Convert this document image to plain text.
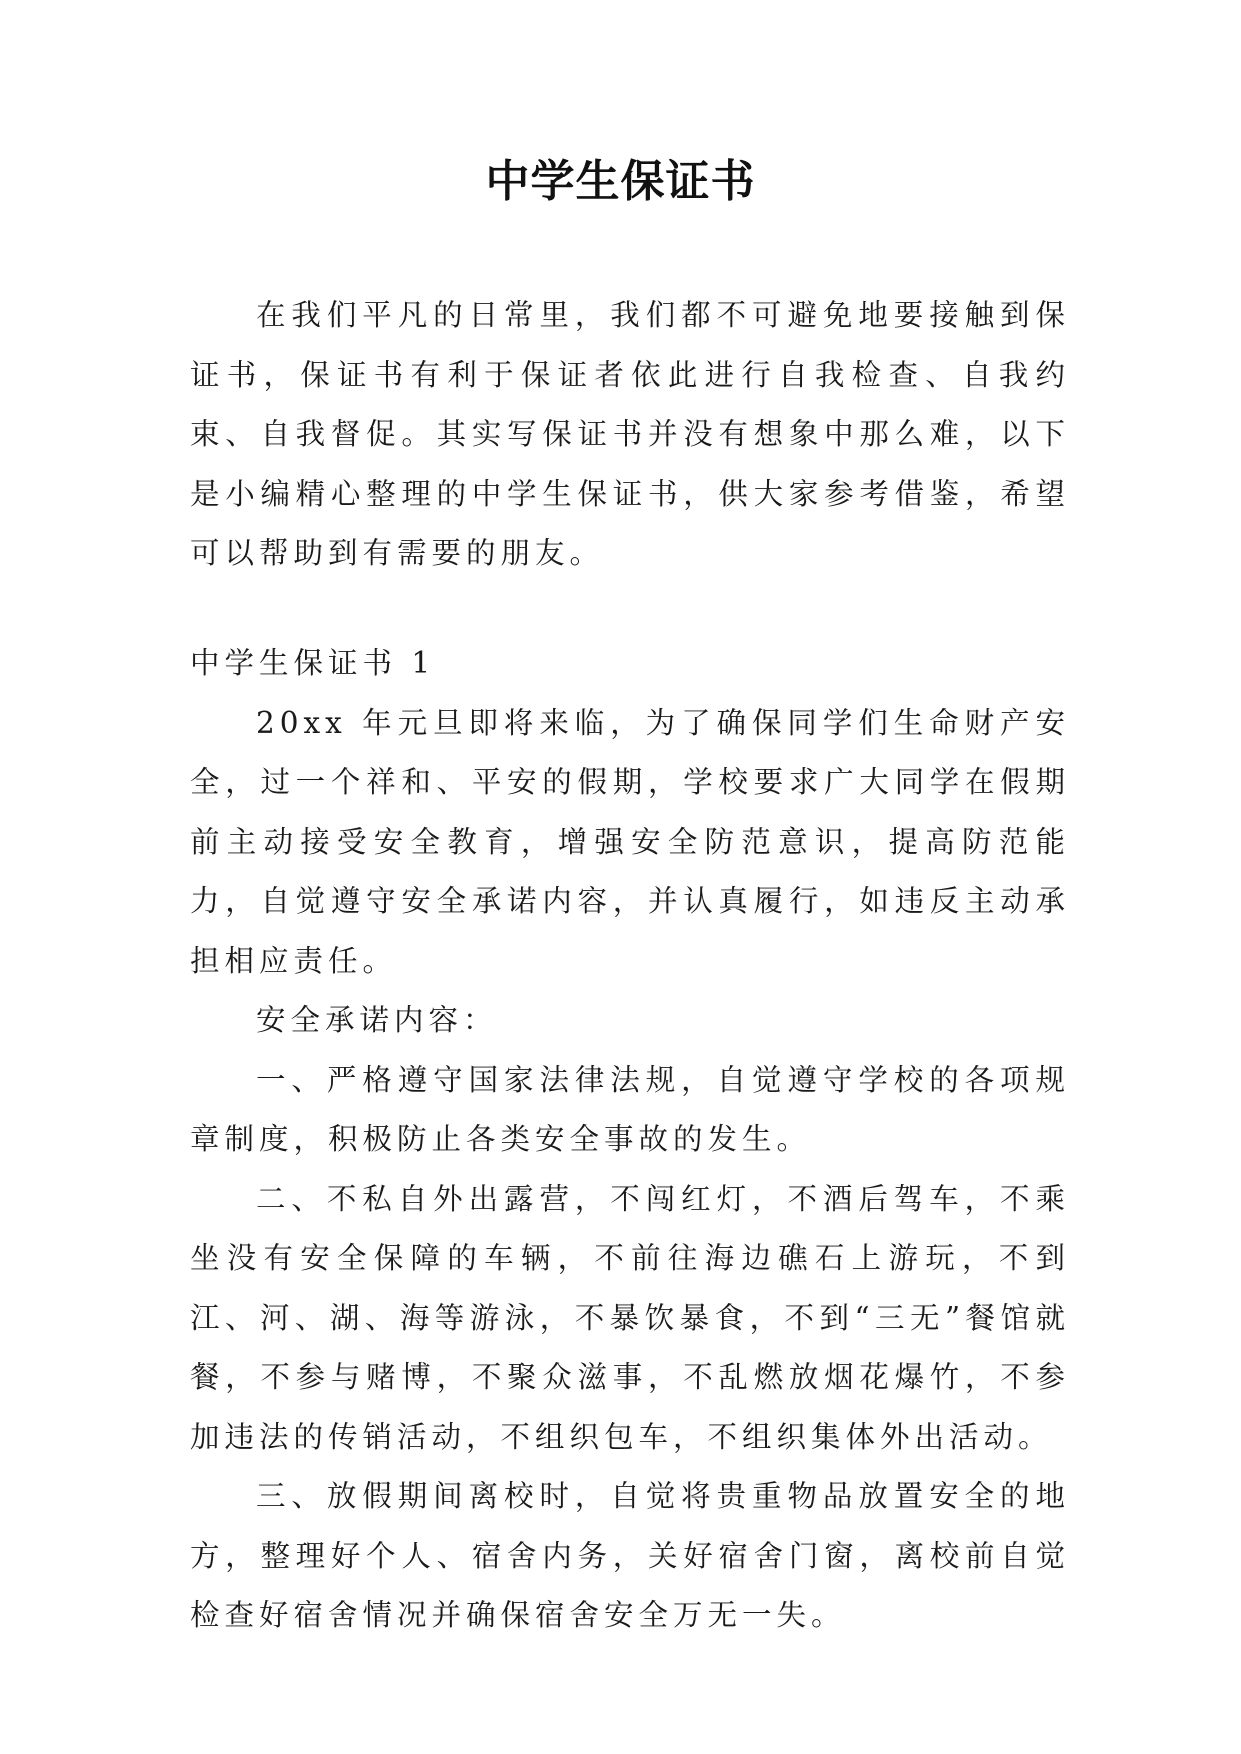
中学生保证书

在我们平凡的日常里，我们都不可避免地要接触到保证书，保证书有利于保证者依此进行自我检查、自我约束、自我督促。其实写保证书并没有想象中那么难，以下是小编精心整理的中学生保证书，供大家参考借鉴，希望可以帮助到有需要的朋友。

中学生保证书 1

20xx 年元旦即将来临，为了确保同学们生命财产安全，过一个祥和、平安的假期，学校要求广大同学在假期前主动接受安全教育，增强安全防范意识，提高防范能力，自觉遵守安全承诺内容，并认真履行，如违反主动承担相应责任。

安全承诺内容：

一、严格遵守国家法律法规，自觉遵守学校的各项规章制度，积极防止各类安全事故的发生。

二、不私自外出露营，不闯红灯，不酒后驾车，不乘坐没有安全保障的车辆，不前往海边礁石上游玩，不到江、河、湖、海等游泳，不暴饮暴食，不到“三无”餐馆就餐，不参与赌博，不聚众滋事，不乱燃放烟花爆竹，不参加违法的传销活动，不组织包车，不组织集体外出活动。

三、放假期间离校时，自觉将贵重物品放置安全的地方，整理好个人、宿舍内务，关好宿舍门窗，离校前自觉检查好宿舍情况并确保宿舍安全万无一失。
